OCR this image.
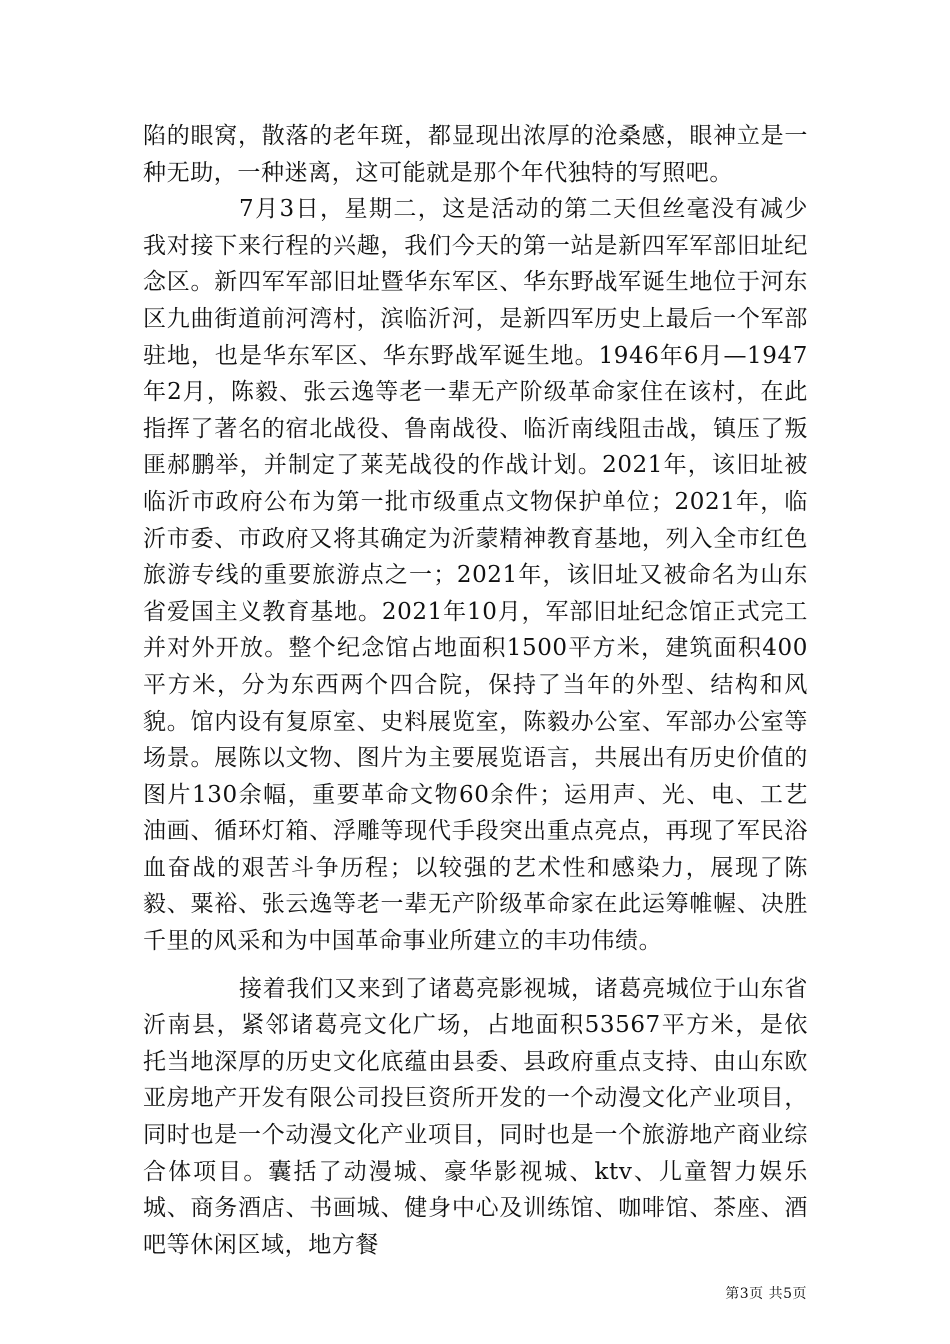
陷的眼窝，散落的老年斑，都显现出浓厚的沧桑感，眼神立是一种无助，一种迷离，这可能就是那个年代独特的写照吧。

7月3日，星期二，这是活动的第二天但丝毫没有减少我对接下来行程的兴趣，我们今天的第一站是新四军军部旧址纪念区。新四军军部旧址暨华东军区、华东野战军诞生地位于河东区九曲街道前河湾村，滨临沂河，是新四军历史上最后一个军部驻地，也是华东军区、华东野战军诞生地。1946年6月—1947年2月，陈毅、张云逸等老一辈无产阶级革命家住在该村，在此指挥了著名的宿北战役、鲁南战役、临沂南线阻击战，镇压了叛匪郝鹏举，并制定了莱芜战役的作战计划。2021年，该旧址被临沂市政府公布为第一批市级重点文物保护单位；2021年，临沂市委、市政府又将其确定为沂蒙精神教育基地，列入全市红色旅游专线的重要旅游点之一；2021年，该旧址又被命名为山东省爱国主义教育基地。2021年10月，军部旧址纪念馆正式完工并对外开放。整个纪念馆占地面积1500平方米，建筑面积400平方米，分为东西两个四合院，保持了当年的外型、结构和风貌。馆内设有复原室、史料展览室，陈毅办公室、军部办公室等场景。展陈以文物、图片为主要展览语言，共展出有历史价值的图片130余幅，重要革命文物60余件；运用声、光、电、工艺油画、循环灯箱、浮雕等现代手段突出重点亮点，再现了军民浴血奋战的艰苦斗争历程；以较强的艺术性和感染力，展现了陈毅、粟裕、张云逸等老一辈无产阶级革命家在此运筹帷幄、决胜千里的风采和为中国革命事业所建立的丰功伟绩。

接着我们又来到了诸葛亮影视城，诸葛亮城位于山东省沂南县，紧邻诸葛亮文化广场，占地面积53567平方米，是依托当地深厚的历史文化底蕴由县委、县政府重点支持、由山东欧亚房地产开发有限公司投巨资所开发的一个动漫文化产业项目，同时也是一个动漫文化产业项目，同时也是一个旅游地产商业综合体项目。囊括了动漫城、豪华影视城、ktv、儿童智力娱乐城、商务酒店、书画城、健身中心及训练馆、咖啡馆、茶座、酒吧等休闲区域，地方餐

第3页 共5页
